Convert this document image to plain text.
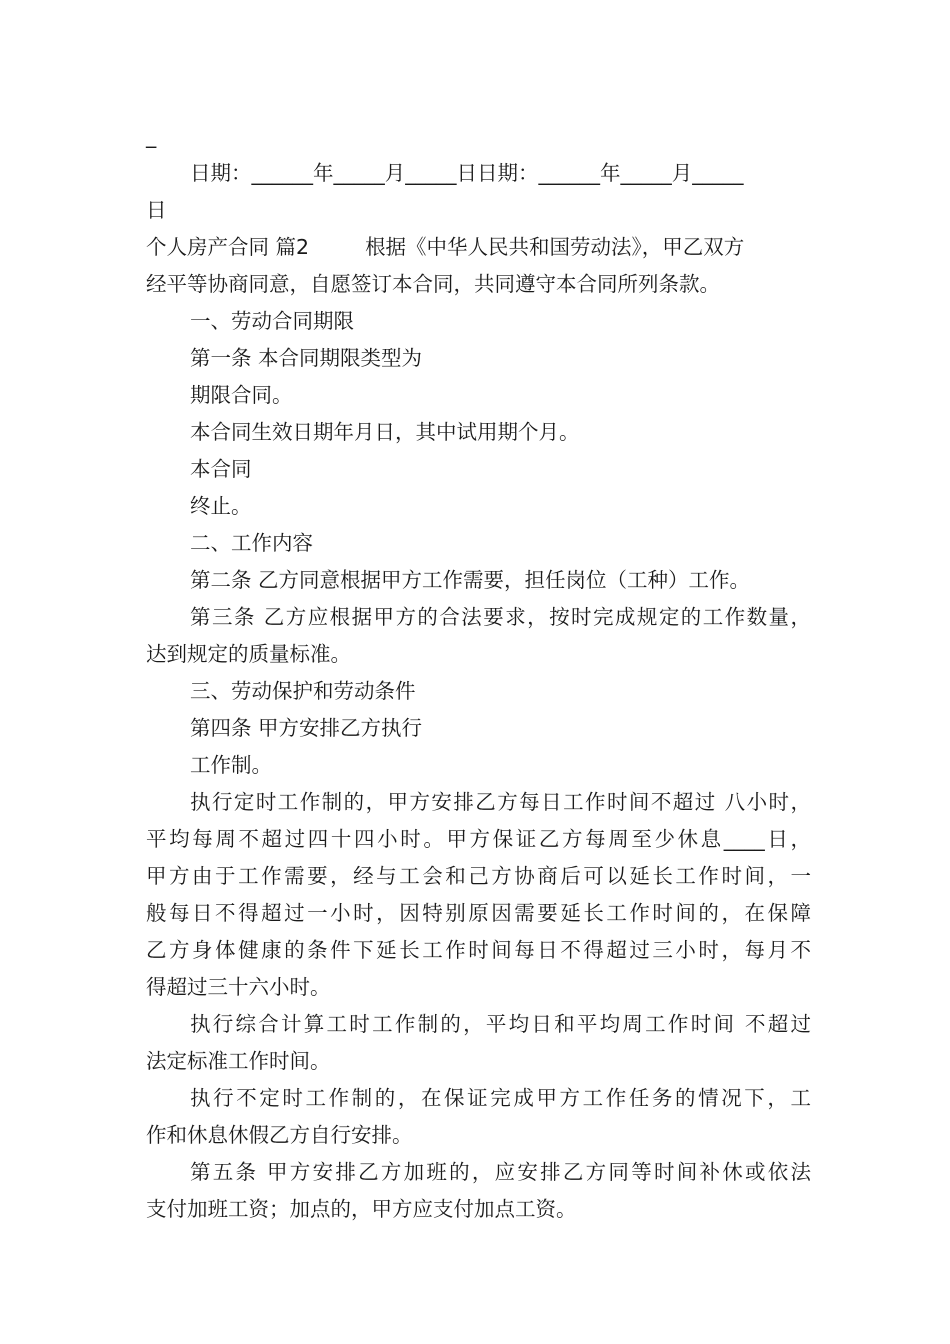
_
日期：______年_____月_____日日期：______年_____月_____
日
个人房产合同 篇2	根据《中华人民共和国劳动法》，甲乙双方
经平等协商同意，自愿签订本合同，共同遵守本合同所列条款。
一、劳动合同期限
第一条 本合同期限类型为
期限合同。
本合同生效日期年月日，其中试用期个月。
本合同
终止。
二、工作内容
第二条 乙方同意根据甲方工作需要，担任岗位（工种）工作。
第三条 乙方应根据甲方的合法要求，按时完成规定的工作数量，
达到规定的质量标准。
三、劳动保护和劳动条件
第四条 甲方安排乙方执行
工作制。
执行定时工作制的，甲方安排乙方每日工作时间不超过 八小时，
平均每周不超过四十四小时。甲方保证乙方每周至少休息____日，
甲方由于工作需要，经与工会和己方协商后可以延长工作时间，一
般每日不得超过一小时，因特别原因需要延长工作时间的，在保障
乙方身体健康的条件下延长工作时间每日不得超过三小时，每月不
得超过三十六小时。
执行综合计算工时工作制的，平均日和平均周工作时间 不超过
法定标准工作时间。
执行不定时工作制的，在保证完成甲方工作任务的情况下，工
作和休息休假乙方自行安排。
第五条 甲方安排乙方加班的，应安排乙方同等时间补休或依法
支付加班工资；加点的，甲方应支付加点工资。
